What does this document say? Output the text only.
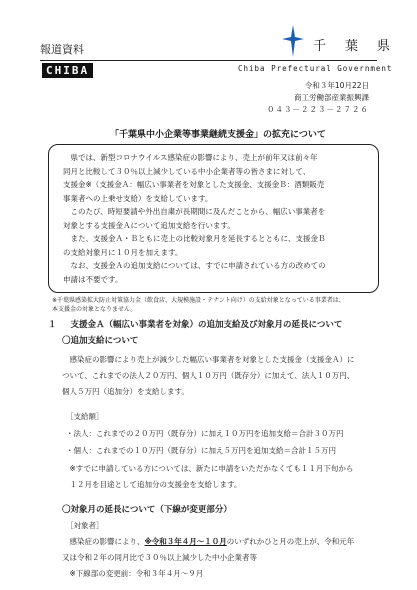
報道資料
CHIBA
千　葉　県
Chiba Prefectural Government

令和３年10月22日

商工労働部産業振興課

０４３－２２３－２７２６

「千葉県中小企業等事業継続支援金」の拡充について
　県では、新型コロナウイルス感染症の影響により、売上が前年又は前々年
同月と比較して３０％以上減少している中小企業者等の皆さまに対して、
支援金※（支援金Ａ：幅広い事業者を対象とした支援金、支援金Ｂ：酒類販売
事業者への上乗せ支給）を支給しています。
　このたび、時短要請や外出自粛が長期間に及んだことから、幅広い事業者を
対象とする支援金Ａについて追加支給を行います。
　また、支援金Ａ・Ｂともに売上の比較対象月を延長するとともに、支援金Ｂ
の支給対象月に１０月を加えます。
　なお、支援金Ａの追加支給については、すでに申請されている方の改めての
申請は不要です。
※千葉県感染拡大防止対策協力金（飲食店、大規模施設・テナント向け）の支給対象となっている事業者は、
本支援金の対象となりません。
１ 支援金Ａ（幅広い事業者を対象）の追加支給及び対象月の延長について
〇追加支給について
　感染症の影響により売上が減少した幅広い事業者を対象とした支援金（支援金Ａ）に
ついて、これまでの法人２０万円、個人１０万円（既存分）に加えて、法人１０万円、
個人５万円（追加分）を支給します。
［支給額］
・法人：これまでの２０万円（既存分）に加え１０万円を追加支給＝合計３０万円
・個人：これまでの１０万円（既存分）に加え５万円を追加支給＝合計１５万円
　※すでに申請している方については、新たに申請をいただかなくても１１月下旬から
　１２月を目途として追加分の支援金を支給します。
〇対象月の延長について（下線が変更部分）
［対象者］
　感染症の影響により、※令和３年４月～１０月のいずれかひと月の売上が、令和元年
又は令和２年の同月比で３０％以上減少した中小企業者等
　※下線部の変更前：令和３年４月～９月
